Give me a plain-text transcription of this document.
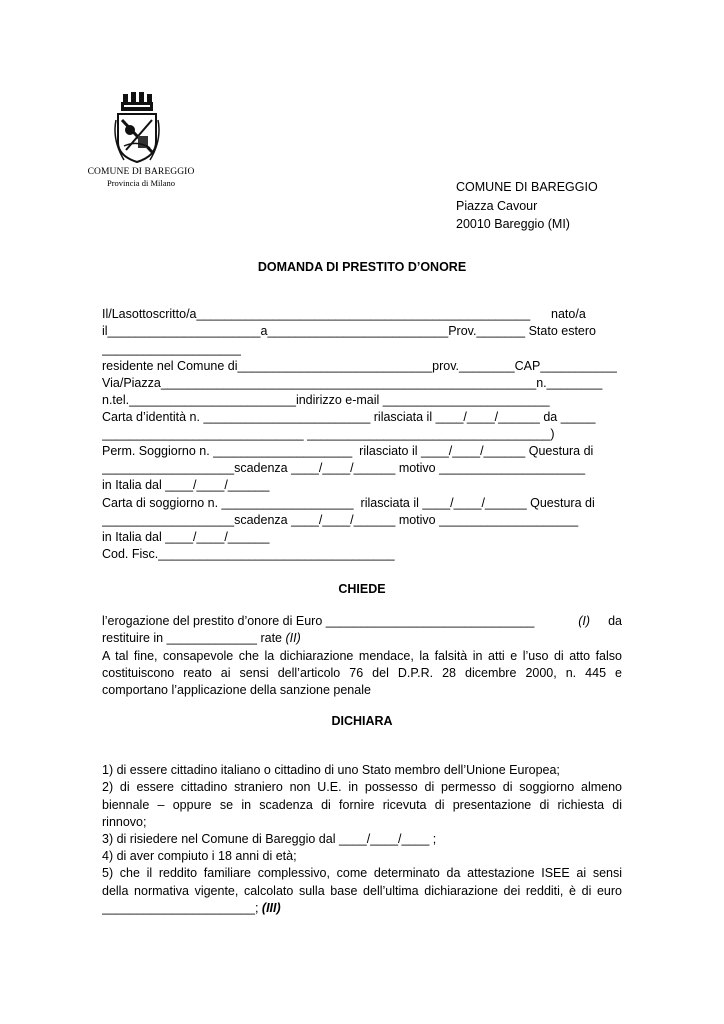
COMUNE DI BAREGGIO
Provincia di Milano	COMUNE DI BAREGGIO
Piazza Cavour
20010 Bareggio (MI)
DOMANDA DI PRESTITO D’ONORE
Il/Lasottoscritto/a________________________________________________      nato/a
il______________________a__________________________Prov._______ Stato estero
____________________
residente nel Comune di____________________________prov.________CAP___________
Via/Piazza______________________________________________________n.________
n.tel.________________________indirizzo e-mail ________________________
Carta d’identità n. ________________________ rilasciata il ____/____/______ da _____
_____________________________ ___________________________________)
Perm. Soggiorno n. ____________________  rilasciato il ____/____/______ Questura di
___________________scadenza ____/____/______ motivo _____________________
in Italia dal ____/____/______
Carta di soggiorno n. ___________________  rilasciata il ____/____/______ Questura di
___________________scadenza ____/____/______ motivo ____________________
in Italia dal ____/____/______
Cod. Fisc.__________________________________
CHIEDE
l’erogazione del prestito d’onore di Euro ______________________________	(I) da
restituire in _____________ rate (II)
A tal fine, consapevole che la dichiarazione mendace, la falsità in atti e l’uso di atto falso
costituiscono reato ai sensi dell’articolo 76 del D.P.R. 28 dicembre 2000, n. 445 e
comportano l’applicazione della sanzione penale
DICHIARA
1) di essere cittadino italiano o cittadino di uno Stato membro dell’Unione Europea;
2) di essere cittadino straniero non U.E. in possesso di permesso di soggiorno almeno
biennale – oppure se in scadenza di fornire ricevuta di presentazione di richiesta di
rinnovo;
3) di risiedere nel Comune di Bareggio dal ____/____/____ ;
4) di aver compiuto i 18 anni di età;
5) che il reddito familiare complessivo, come determinato da attestazione ISEE ai sensi
della normativa vigente, calcolato sulla base dell’ultima dichiarazione dei redditi, è di euro
______________________; (III)
